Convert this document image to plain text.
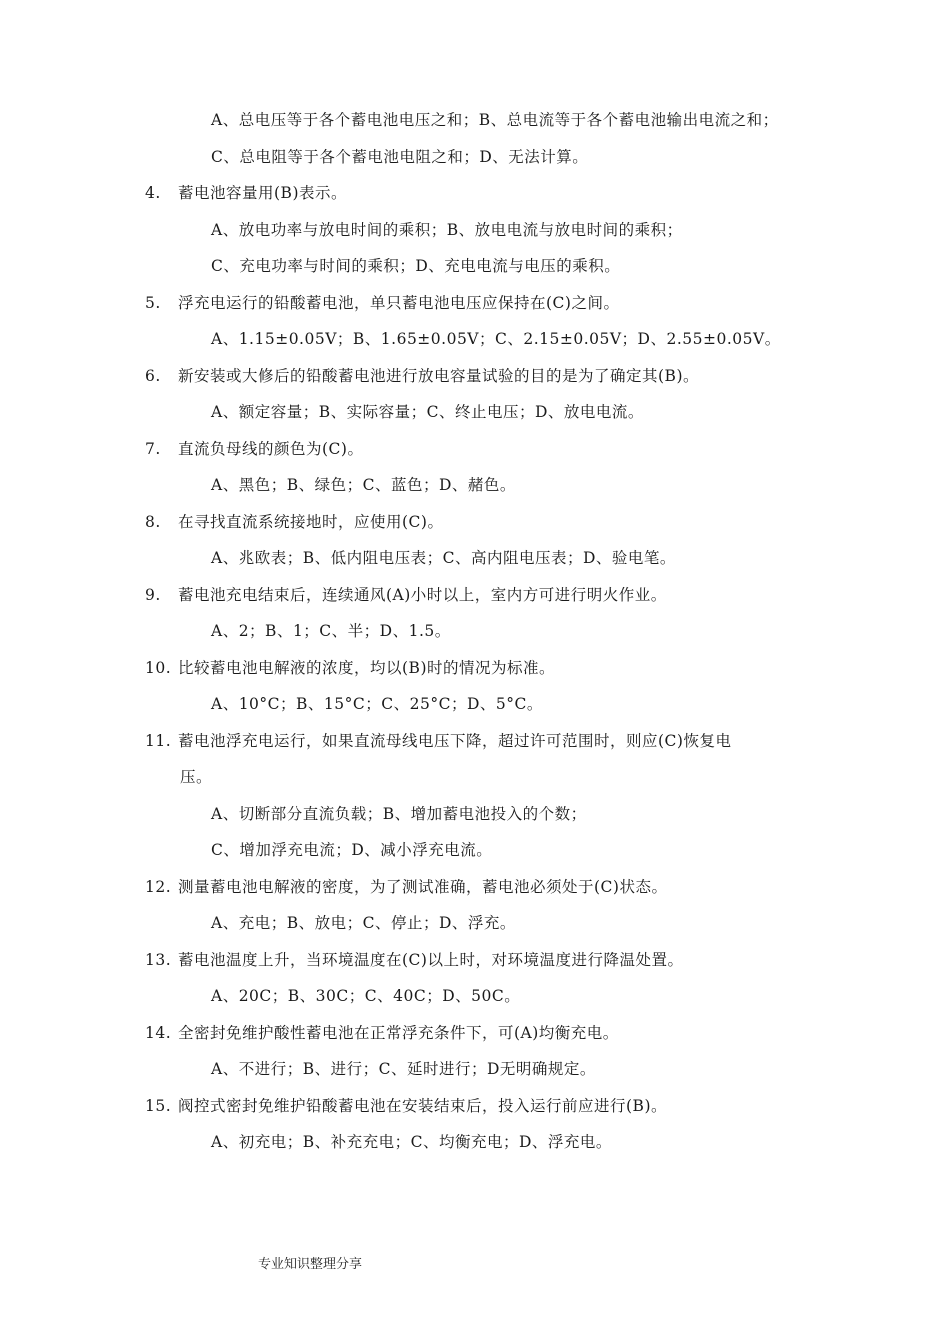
专业知识整理分享
A、总电压等于各个蓄电池电压之和；B、总电流等于各个蓄电池输出电流之和；
C、总电阻等于各个蓄电池电阻之和；D、无法计算。
4. 蓄电池容量用(B)表示。
A、放电功率与放电时间的乘积；B、放电电流与放电时间的乘积；
C、充电功率与时间的乘积；D、充电电流与电压的乘积。
5. 浮充电运行的铅酸蓄电池，单只蓄电池电压应保持在(C)之间。
A、1.15±0.05V；B、1.65±0.05V；C、2.15±0.05V；D、2.55±0.05V。
6. 新安装或大修后的铅酸蓄电池进行放电容量试验的目的是为了确定其(B)。
A、额定容量；B、实际容量；C、终止电压；D、放电电流。
7. 直流负母线的颜色为(C)。
A、黑色；B、绿色；C、蓝色；D、赭色。
8. 在寻找直流系统接地时，应使用(C)。
A、兆欧表；B、低内阻电压表；C、高内阻电压表；D、验电笔。
9. 蓄电池充电结束后，连续通风(A)小时以上，室内方可进行明火作业。
A、2；B、1；C、半；D、1.5。
10. 比较蓄电池电解液的浓度，均以(B)时的情况为标准。
A、10°C；B、15°C；C、25°C；D、5°C。
11. 蓄电池浮充电运行，如果直流母线电压下降，超过许可范围时，则应(C)恢复电
压。
A、切断部分直流负载；B、增加蓄电池投入的个数；
C、增加浮充电流；D、减小浮充电流。
12. 测量蓄电池电解液的密度，为了测试准确，蓄电池必须处于(C)状态。
A、充电；B、放电；C、停止；D、浮充。
13. 蓄电池温度上升，当环境温度在(C)以上时，对环境温度进行降温处置。
A、20C；B、30C；C、40C；D、50C。
14. 全密封免维护酸性蓄电池在正常浮充条件下，可(A)均衡充电。
A、不进行；B、进行；C、延时进行；D无明确规定。
15. 阀控式密封免维护铅酸蓄电池在安装结束后，投入运行前应进行(B)。
A、初充电；B、补充充电；C、均衡充电；D、浮充电。
